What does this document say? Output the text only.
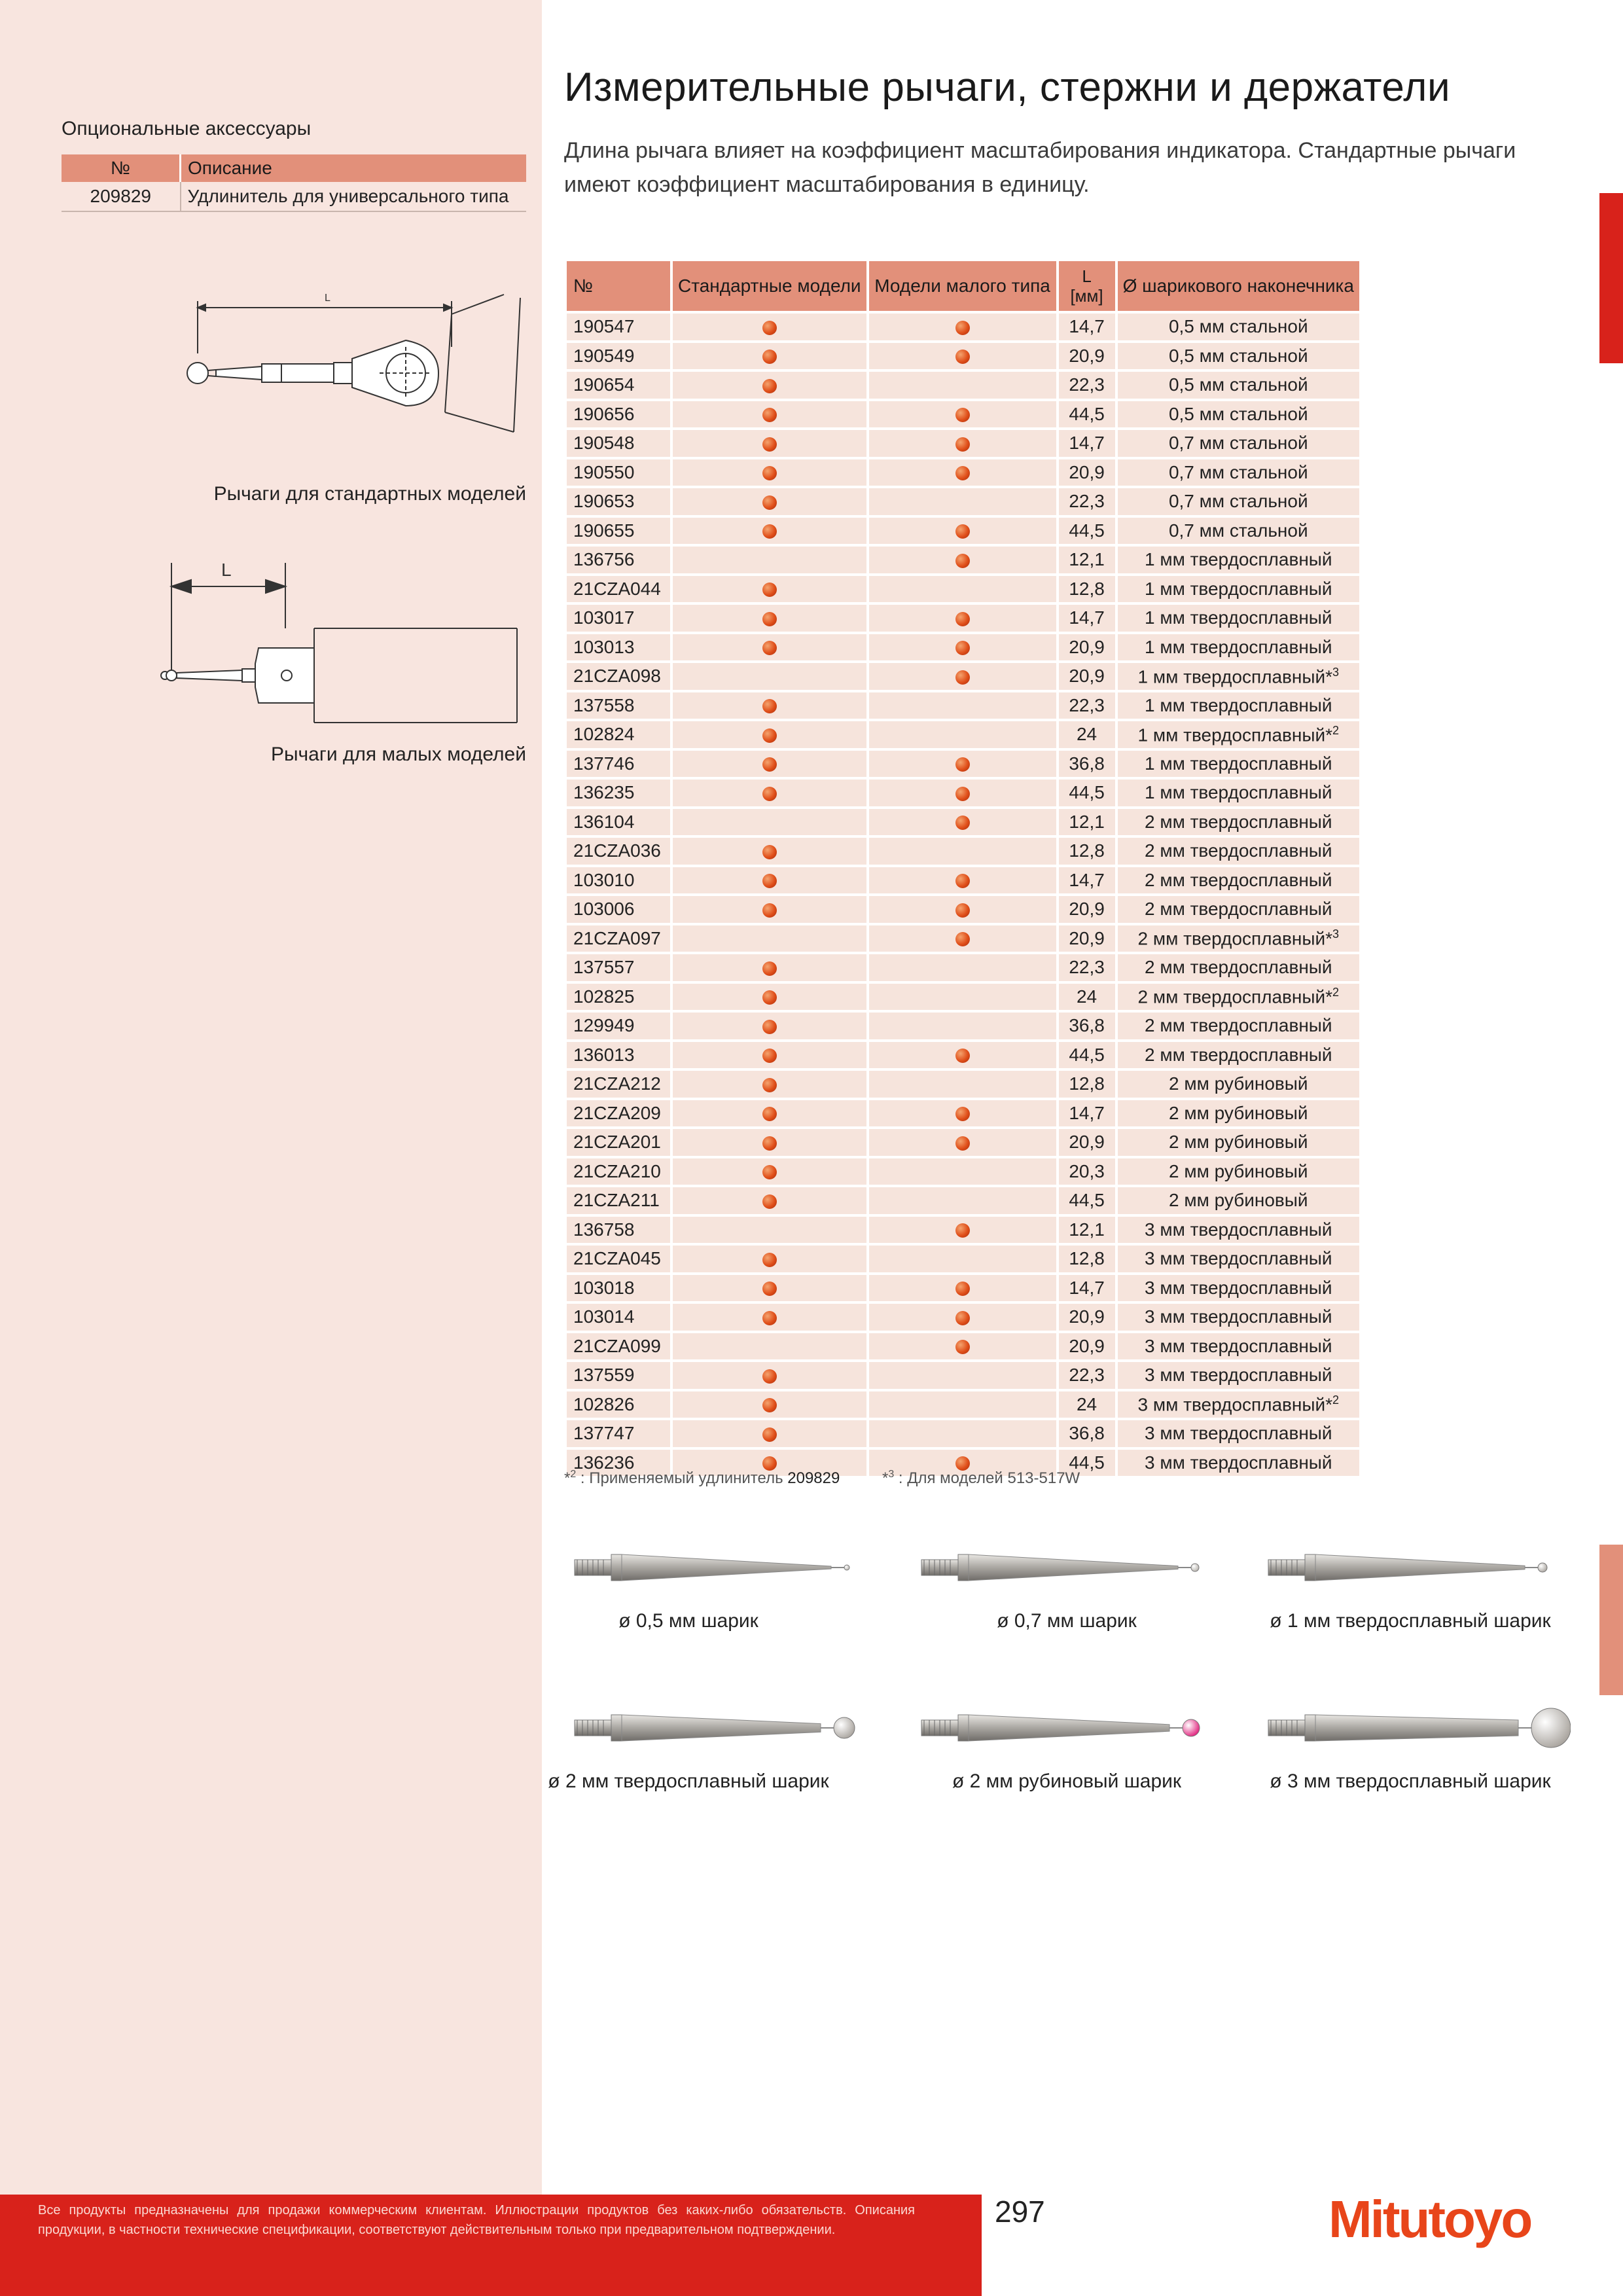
Измерительные рычаги, стержни и держатели
Длина рычага влияет на коэффициент масштабирования индикатора. Стандартные рычаги имеют коэффициент масштабирования в единицу.
Опциональные аксессуары
№	Описание
209829	Удлинитель для универсального типа
L
Рычаги для стандартных моделей
L
Рычаги для малых моделей
№	Стандартные модели	Модели малого типа	L
[мм]	Ø шарикового наконечника
190547			14,7	0,5 мм стальной
190549			20,9	0,5 мм стальной
190654			22,3	0,5 мм стальной
190656			44,5	0,5 мм стальной
190548			14,7	0,7 мм стальной
190550			20,9	0,7 мм стальной
190653			22,3	0,7 мм стальной
190655			44,5	0,7 мм стальной
136756			12,1	1 мм твердосплавный
21CZA044			12,8	1 мм твердосплавный
103017			14,7	1 мм твердосплавный
103013			20,9	1 мм твердосплавный
21CZA098			20,9	1 мм твердосплавный*$^3$
137558			22,3	1 мм твердосплавный
102824			24	1 мм твердосплавный*$^2$
137746			36,8	1 мм твердосплавный
136235			44,5	1 мм твердосплавный
136104			12,1	2 мм твердосплавный
21CZA036			12,8	2 мм твердосплавный
103010			14,7	2 мм твердосплавный
103006			20,9	2 мм твердосплавный
21CZA097			20,9	2 мм твердосплавный*$^3$
137557			22,3	2 мм твердосплавный
102825			24	2 мм твердосплавный*$^2$
129949			36,8	2 мм твердосплавный
136013			44,5	2 мм твердосплавный
21CZA212			12,8	2 мм рубиновый
21CZA209			14,7	2 мм рубиновый
21CZA201			20,9	2 мм рубиновый
21CZA210			20,3	2 мм рубиновый
21CZA211			44,5	2 мм рубиновый
136758			12,1	3 мм твердосплавный
21CZA045			12,8	3 мм твердосплавный
103018			14,7	3 мм твердосплавный
103014			20,9	3 мм твердосплавный
21CZA099			20,9	3 мм твердосплавный
137559			22,3	3 мм твердосплавный
102826			24	3 мм твердосплавный*$^2$
137747			36,8	3 мм твердосплавный
136236			44,5	3 мм твердосплавный
*$^2$ : Применяемый удлинитель 209829	*$^3$ : Для моделей 513-517W
ø 0,5 мм шарик	ø 0,7 мм шарик	ø 1 мм твердосплавный шарик
ø 2 мм твердосплавный шарик	ø 2 мм рубиновый шарик	ø 3 мм твердосплавный шарик
Все продукты предназначены для продажи коммерческим клиентам. Иллюстрации продуктов без каких-либо обязательств. Описания продукции, в частности технические спецификации, соответствуют действительным только при предварительном подтверждении.
297	Mitutoyo
